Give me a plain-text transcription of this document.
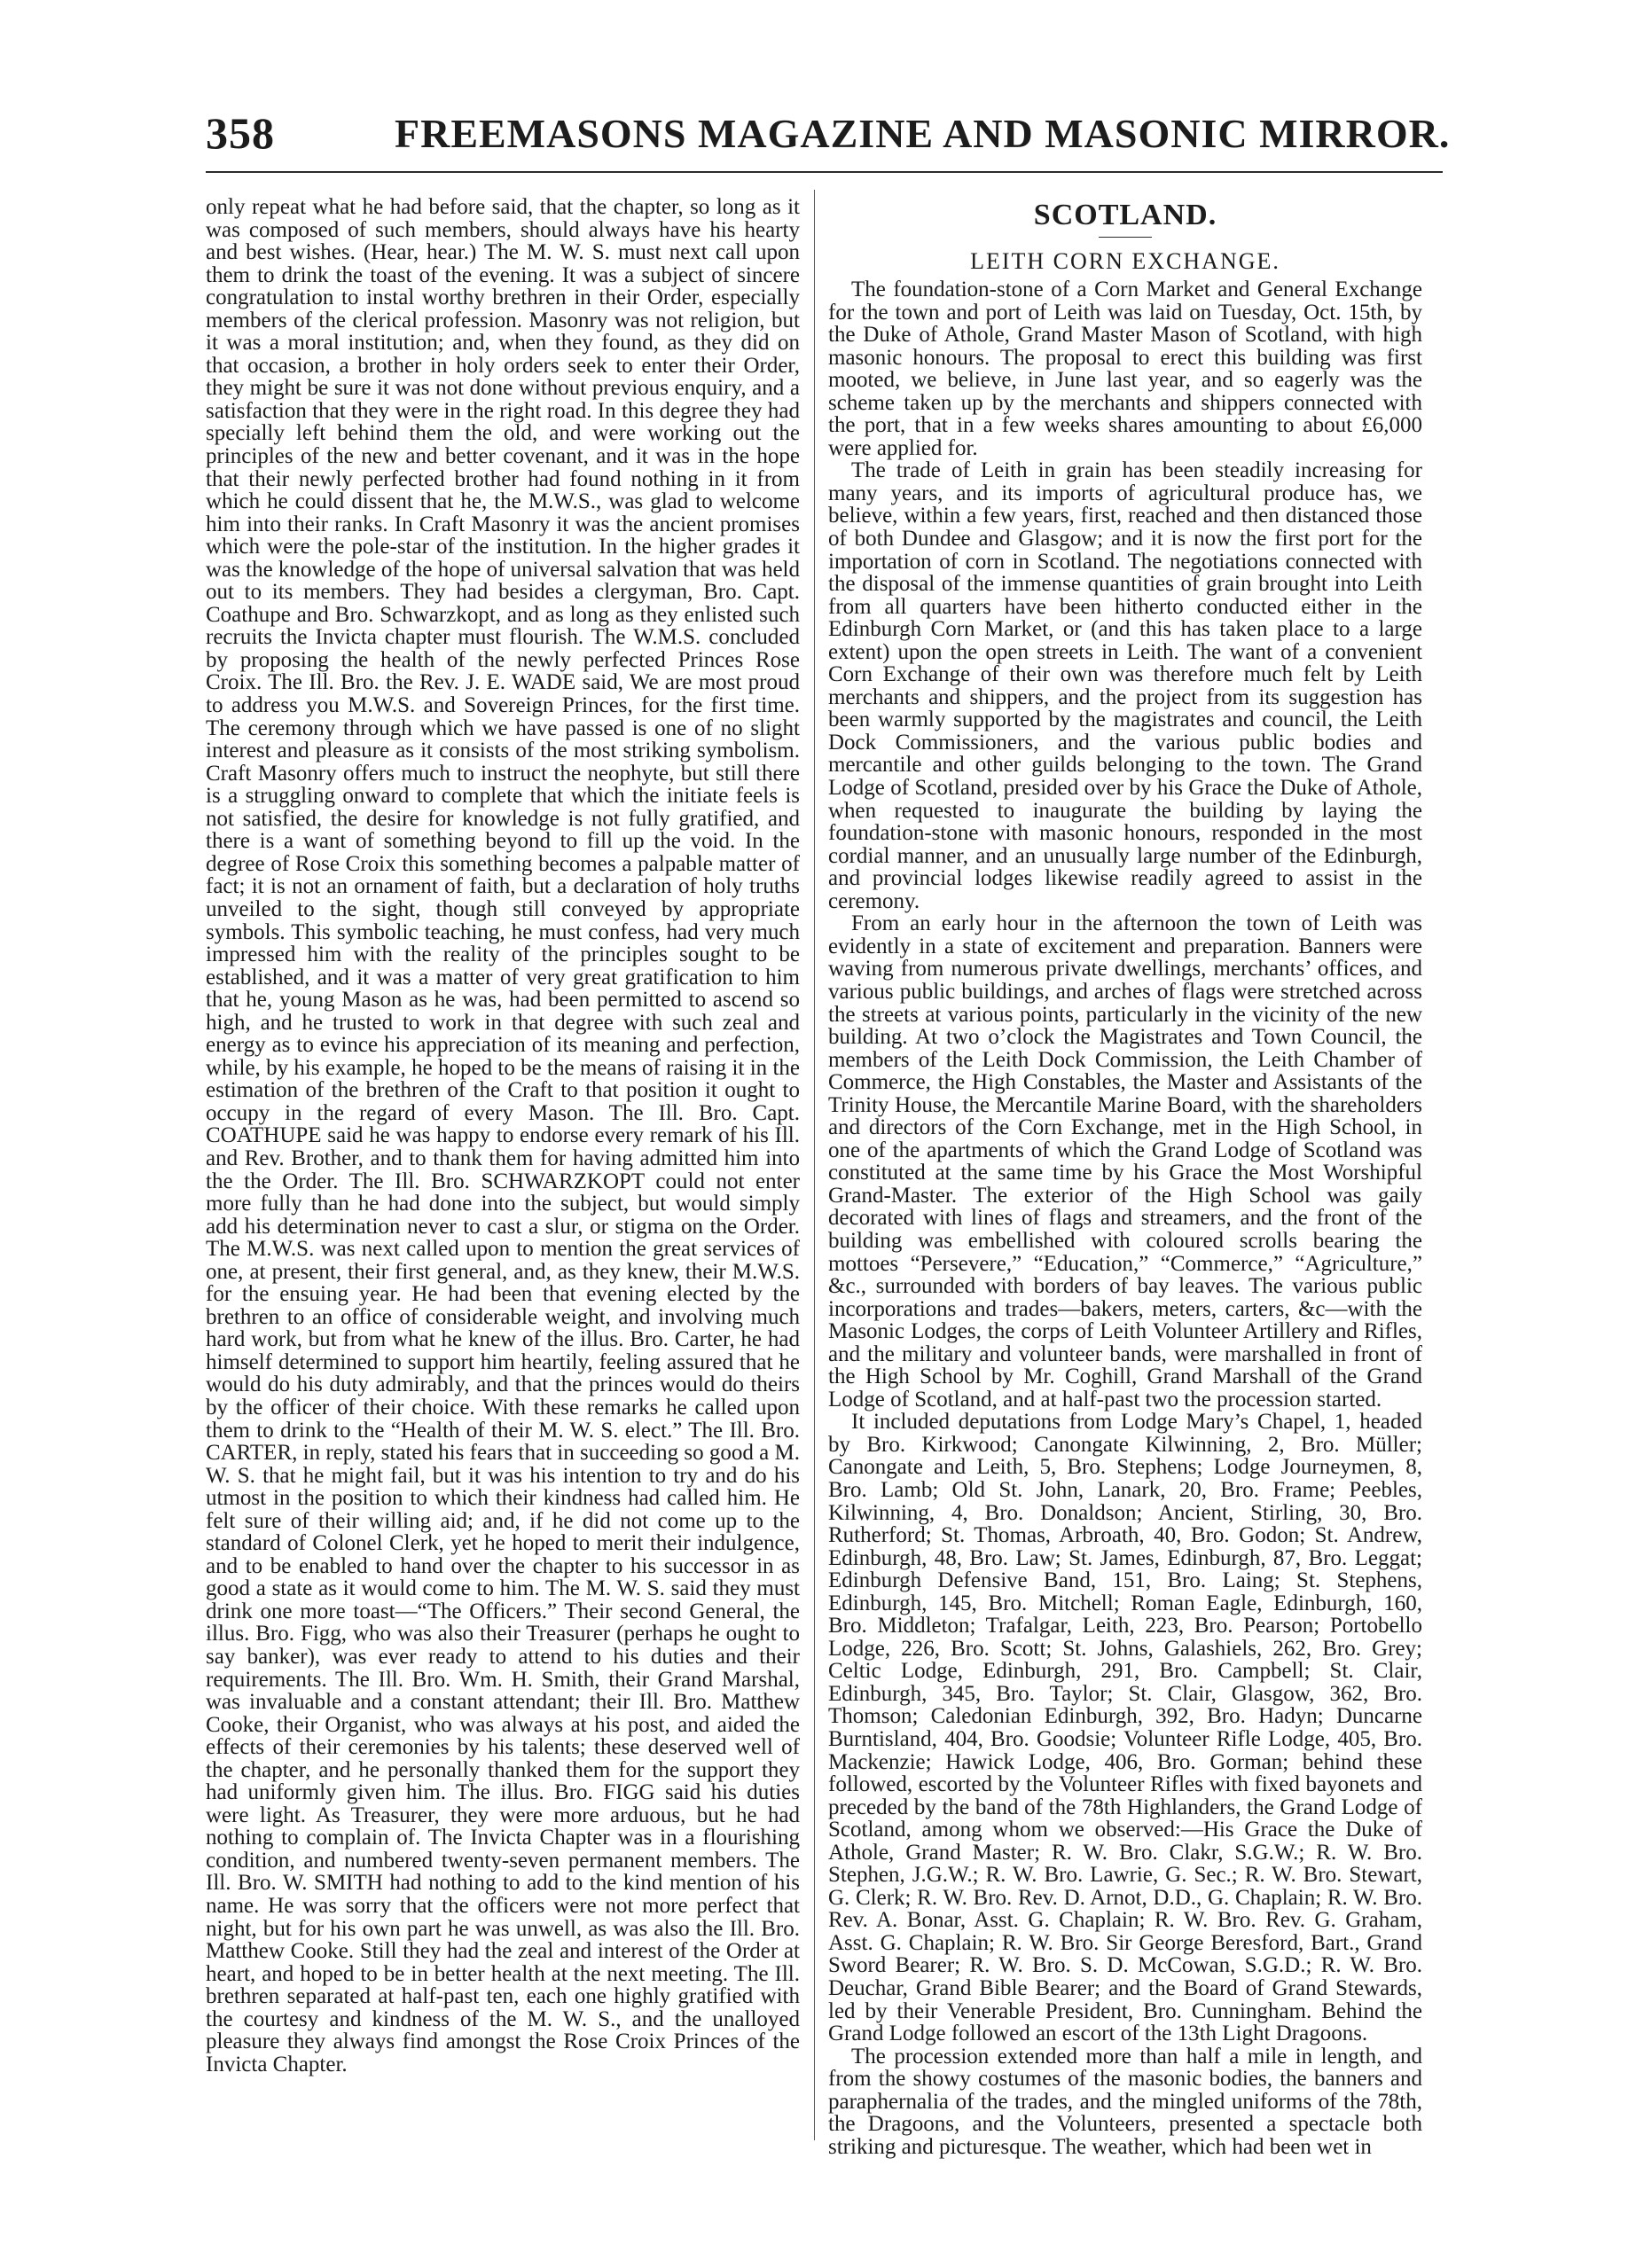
358	FREEMASONS MAGAZINE AND MASONIC MIRROR.

only repeat what he had before said, that the chapter, so long as it was composed of such members, should always have his hearty and best wishes. (Hear, hear.) The M. W. S. must next call upon them to drink the toast of the evening. It was a subject of sincere congratulation to instal worthy brethren in their Order, especially members of the clerical profession. Masonry was not religion, but it was a moral institution; and, when they found, as they did on that occasion, a brother in holy orders seek to enter their Order, they might be sure it was not done without previous enquiry, and a satisfaction that they were in the right road. In this degree they had specially left behind them the old, and were working out the principles of the new and better covenant, and it was in the hope that their newly perfected brother had found nothing in it from which he could dissent that he, the M.W.S., was glad to welcome him into their ranks. In Craft Masonry it was the ancient promises which were the pole-star of the institution. In the higher grades it was the knowledge of the hope of universal salvation that was held out to its members. They had besides a clergyman, Bro. Capt. Coathupe and Bro. Schwarzkopt, and as long as they enlisted such recruits the Invicta chapter must flourish. The W.M.S. concluded by proposing the health of the newly perfected Princes Rose Croix. The Ill. Bro. the Rev. J. E. WADE said, We are most proud to address you M.W.S. and Sovereign Princes, for the first time. The ceremony through which we have passed is one of no slight interest and pleasure as it consists of the most striking symbolism. Craft Masonry offers much to instruct the neophyte, but still there is a struggling onward to complete that which the initiate feels is not satisfied, the desire for knowledge is not fully gratified, and there is a want of something beyond to fill up the void. In the degree of Rose Croix this something becomes a palpable matter of fact; it is not an ornament of faith, but a declaration of holy truths unveiled to the sight, though still conveyed by appropriate symbols. This symbolic teaching, he must confess, had very much impressed him with the reality of the principles sought to be established, and it was a matter of very great gratification to him that he, young Mason as he was, had been permitted to ascend so high, and he trusted to work in that degree with such zeal and energy as to evince his appreciation of its meaning and perfection, while, by his example, he hoped to be the means of raising it in the estimation of the brethren of the Craft to that position it ought to occupy in the regard of every Mason. The Ill. Bro. Capt. COATHUPE said he was happy to endorse every remark of his Ill. and Rev. Brother, and to thank them for having admitted him into the the Order. The Ill. Bro. SCHWARZKOPT could not enter more fully than he had done into the subject, but would simply add his determination never to cast a slur, or stigma on the Order. The M.W.S. was next called upon to mention the great services of one, at present, their first general, and, as they knew, their M.W.S. for the ensuing year. He had been that evening elected by the brethren to an office of considerable weight, and involving much hard work, but from what he knew of the illus. Bro. Carter, he had himself determined to support him heartily, feeling assured that he would do his duty admirably, and that the princes would do theirs by the officer of their choice. With these remarks he called upon them to drink to the “Health of their M. W. S. elect.” The Ill. Bro. CARTER, in reply, stated his fears that in succeeding so good a M. W. S. that he might fail, but it was his intention to try and do his utmost in the position to which their kindness had called him. He felt sure of their willing aid; and, if he did not come up to the standard of Colonel Clerk, yet he hoped to merit their indulgence, and to be enabled to hand over the chapter to his successor in as good a state as it would come to him. The M. W. S. said they must drink one more toast—“The Officers.” Their second General, the illus. Bro. Figg, who was also their Treasurer (perhaps he ought to say banker), was ever ready to attend to his duties and their requirements. The Ill. Bro. Wm. H. Smith, their Grand Marshal, was invaluable and a constant attendant; their Ill. Bro. Matthew Cooke, their Organist, who was always at his post, and aided the effects of their ceremonies by his talents; these deserved well of the chapter, and he personally thanked them for the support they had uniformly given him. The illus. Bro. FIGG said his duties were light. As Treasurer, they were more arduous, but he had nothing to complain of. The Invicta Chapter was in a flourishing condition, and numbered twenty-seven permanent members. The Ill. Bro. W. SMITH had nothing to add to the kind mention of his name. He was sorry that the officers were not more perfect that night, but for his own part he was unwell, as was also the Ill. Bro. Matthew Cooke. Still they had the zeal and interest of the Order at heart, and hoped to be in better health at the next meeting. The Ill. brethren separated at half-past ten, each one highly gratified with the courtesy and kindness of the M. W. S., and the unalloyed pleasure they always find amongst the Rose Croix Princes of the Invicta Chapter.

SCOTLAND.
LEITH CORN EXCHANGE.

The foundation-stone of a Corn Market and General Exchange for the town and port of Leith was laid on Tuesday, Oct. 15th, by the Duke of Athole, Grand Master Mason of Scotland, with high masonic honours. The proposal to erect this building was first mooted, we believe, in June last year, and so eagerly was the scheme taken up by the merchants and shippers connected with the port, that in a few weeks shares amounting to about £6,000 were applied for.

The trade of Leith in grain has been steadily increasing for many years, and its imports of agricultural produce has, we believe, within a few years, first, reached and then distanced those of both Dundee and Glasgow; and it is now the first port for the importation of corn in Scotland. The negotiations connected with the disposal of the immense quantities of grain brought into Leith from all quarters have been hitherto conducted either in the Edinburgh Corn Market, or (and this has taken place to a large extent) upon the open streets in Leith. The want of a convenient Corn Exchange of their own was therefore much felt by Leith merchants and shippers, and the project from its suggestion has been warmly supported by the magistrates and council, the Leith Dock Commissioners, and the various public bodies and mercantile and other guilds belonging to the town. The Grand Lodge of Scotland, presided over by his Grace the Duke of Athole, when requested to inaugurate the building by laying the foundation-stone with masonic honours, responded in the most cordial manner, and an unusually large number of the Edinburgh, and provincial lodges likewise readily agreed to assist in the ceremony.

From an early hour in the afternoon the town of Leith was evidently in a state of excitement and preparation. Banners were waving from numerous private dwellings, merchants’ offices, and various public buildings, and arches of flags were stretched across the streets at various points, particularly in the vicinity of the new building. At two o’clock the Magistrates and Town Council, the members of the Leith Dock Commission, the Leith Chamber of Commerce, the High Constables, the Master and Assistants of the Trinity House, the Mercantile Marine Board, with the shareholders and directors of the Corn Exchange, met in the High School, in one of the apartments of which the Grand Lodge of Scotland was constituted at the same time by his Grace the Most Worshipful Grand-Master. The exterior of the High School was gaily decorated with lines of flags and streamers, and the front of the building was embellished with coloured scrolls bearing the mottoes “Persevere,” “Education,” “Commerce,” “Agriculture,” &c., surrounded with borders of bay leaves. The various public incorporations and trades—bakers, meters, carters, &c—with the Masonic Lodges, the corps of Leith Volunteer Artillery and Rifles, and the military and volunteer bands, were marshalled in front of the High School by Mr. Coghill, Grand Marshall of the Grand Lodge of Scotland, and at half-past two the procession started.

It included deputations from Lodge Mary’s Chapel, 1, headed by Bro. Kirkwood; Canongate Kilwinning, 2, Bro. Müller; Canongate and Leith, 5, Bro. Stephens; Lodge Journeymen, 8, Bro. Lamb; Old St. John, Lanark, 20, Bro. Frame; Peebles, Kilwinning, 4, Bro. Donaldson; Ancient, Stirling, 30, Bro. Rutherford; St. Thomas, Arbroath, 40, Bro. Godon; St. Andrew, Edinburgh, 48, Bro. Law; St. James, Edinburgh, 87, Bro. Leggat; Edinburgh Defensive Band, 151, Bro. Laing; St. Stephens, Edinburgh, 145, Bro. Mitchell; Roman Eagle, Edinburgh, 160, Bro. Middleton; Trafalgar, Leith, 223, Bro. Pearson; Portobello Lodge, 226, Bro. Scott; St. Johns, Galashiels, 262, Bro. Grey; Celtic Lodge, Edinburgh, 291, Bro. Campbell; St. Clair, Edinburgh, 345, Bro. Taylor; St. Clair, Glasgow, 362, Bro. Thomson; Caledonian Edinburgh, 392, Bro. Hadyn; Duncarne Burntisland, 404, Bro. Goodsie; Volunteer Rifle Lodge, 405, Bro. Mackenzie; Hawick Lodge, 406, Bro. Gorman; behind these followed, escorted by the Volunteer Rifles with fixed bayonets and preceded by the band of the 78th Highlanders, the Grand Lodge of Scotland, among whom we observed:—His Grace the Duke of Athole, Grand Master; R. W. Bro. Clakr, S.G.W.; R. W. Bro. Stephen, J.G.W.; R. W. Bro. Lawrie, G. Sec.; R. W. Bro. Stewart, G. Clerk; R. W. Bro. Rev. D. Arnot, D.D., G. Chaplain; R. W. Bro. Rev. A. Bonar, Asst. G. Chaplain; R. W. Bro. Rev. G. Graham, Asst. G. Chaplain; R. W. Bro. Sir George Beresford, Bart., Grand Sword Bearer; R. W. Bro. S. D. McCowan, S.G.D.; R. W. Bro. Deuchar, Grand Bible Bearer; and the Board of Grand Stewards, led by their Venerable President, Bro. Cunningham. Behind the Grand Lodge followed an escort of the 13th Light Dragoons.

The procession extended more than half a mile in length, and from the showy costumes of the masonic bodies, the banners and paraphernalia of the trades, and the mingled uniforms of the 78th, the Dragoons, and the Volunteers, presented a spectacle both striking and picturesque. The weather, which had been wet in
